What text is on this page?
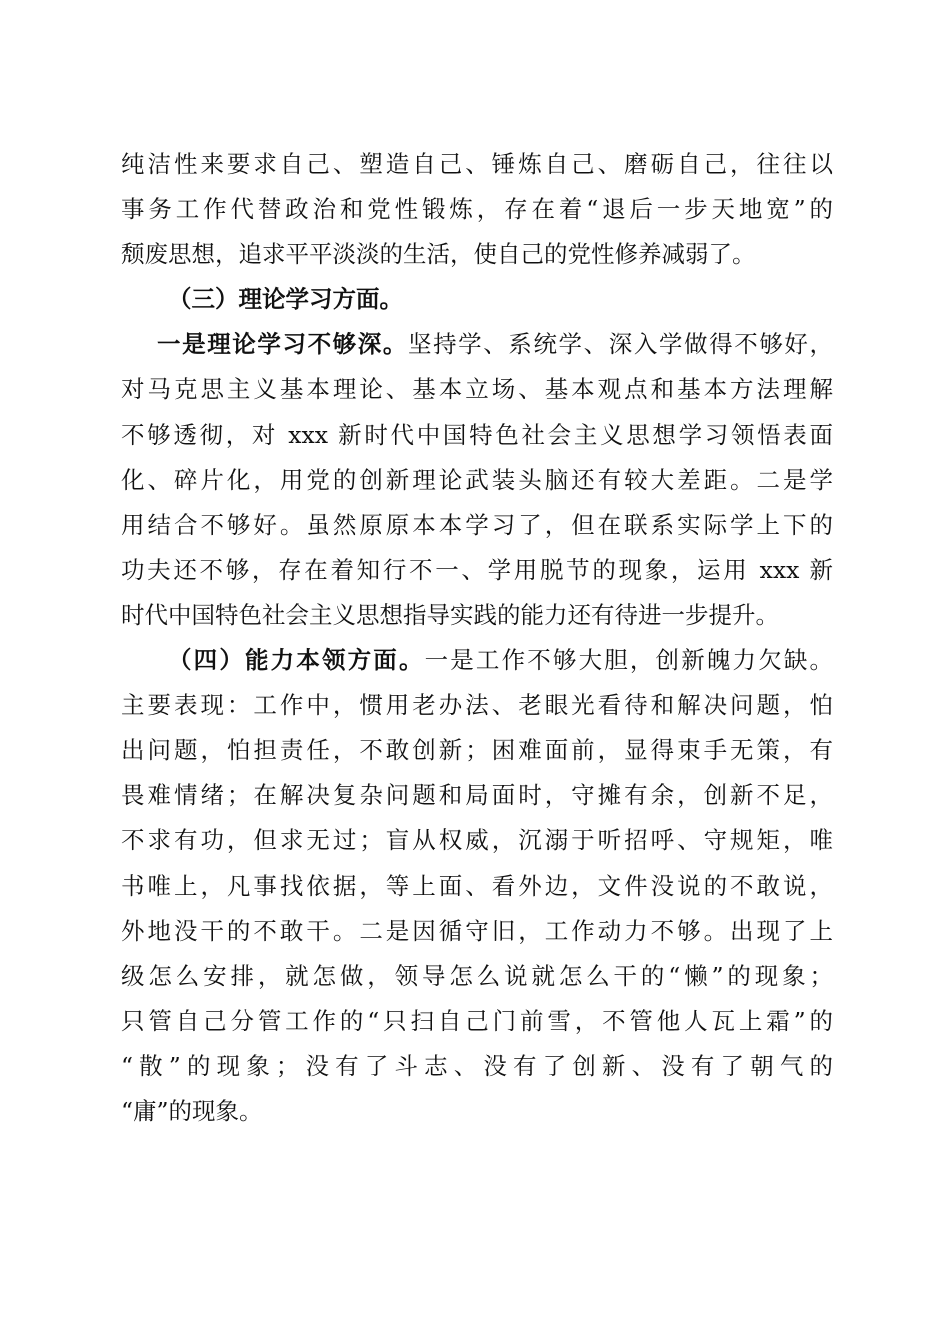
纯洁性来要求自己、塑造自己、锤炼自己、磨砺自己，往往以
事务工作代替政治和党性锻炼，存在着“退后一步天地宽”的
颓废思想，追求平平淡淡的生活，使自己的党性修养减弱了。
（三）理论学习方面。
一是理论学习不够深。坚持学、系统学、深入学做得不够好，
对马克思主义基本理论、基本立场、基本观点和基本方法理解
不够透彻，对 xxx 新时代中国特色社会主义思想学习领悟表面
化、碎片化，用党的创新理论武装头脑还有较大差距。二是学
用结合不够好。虽然原原本本学习了，但在联系实际学上下的
功夫还不够，存在着知行不一、学用脱节的现象，运用 xxx 新
时代中国特色社会主义思想指导实践的能力还有待进一步提升。
（四）能力本领方面。一是工作不够大胆，创新魄力欠缺。
主要表现：工作中，惯用老办法、老眼光看待和解决问题，怕
出问题，怕担责任，不敢创新；困难面前，显得束手无策，有
畏难情绪；在解决复杂问题和局面时，守摊有余，创新不足，
不求有功，但求无过；盲从权威，沉溺于听招呼、守规矩，唯
书唯上，凡事找依据，等上面、看外边，文件没说的不敢说，
外地没干的不敢干。二是因循守旧，工作动力不够。出现了上
级怎么安排，就怎做，领导怎么说就怎么干的“懒”的现象；
只管自己分管工作的“只扫自己门前雪，不管他人瓦上霜”的
“散”的现象；没有了斗志、没有了创新、没有了朝气的
“庸”的现象。
